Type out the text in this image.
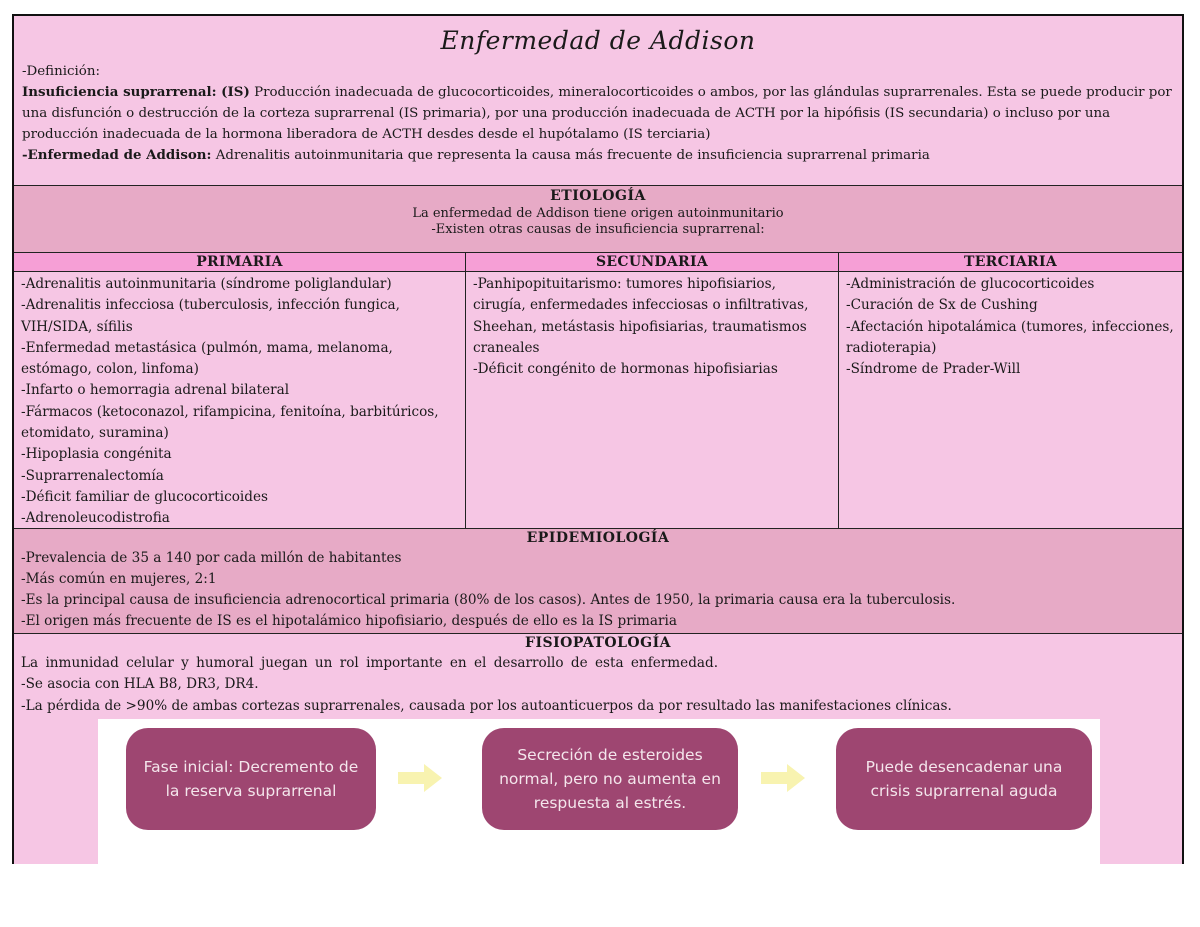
Enfermedad de Addison

-Definición:

Insuficiencia suprarrenal: (IS) Producción inadecuada de glucocorticoides, mineralocorticoides o ambos, por las glándulas suprarrenales. Esta se puede producir por una disfunción o destrucción de la corteza suprarrenal (IS primaria), por una producción inadecuada de ACTH por la hipófisis (IS secundaria) o incluso por una producción inadecuada de la hormona liberadora de ACTH desdes desde el hupótalamo (IS terciaria)

-Enfermedad de Addison: Adrenalitis autoinmunitaria que representa la causa más frecuente de insuficiencia suprarrenal primaria

ETIOLOGÍA
La enfermedad de Addison tiene origen autoinmunitario
-Existen otras causas de insuficiencia suprarrenal:
PRIMARIA
-Adrenalitis autoinmunitaria (síndrome poliglandular)
-Adrenalitis infecciosa (tuberculosis, infección fungica, VIH/SIDA, sífilis
-Enfermedad metastásica (pulmón, mama, melanoma, estómago, colon, linfoma)
-Infarto o hemorragia adrenal bilateral
-Fármacos (ketoconazol, rifampicina, fenitoína, barbitúricos, etomidato, suramina)
-Hipoplasia congénita
-Suprarrenalectomía
-Déficit familiar de glucocorticoides
-Adrenoleucodistrofia
SECUNDARIA
-Panhipopituitarismo: tumores hipofisiarios, cirugía, enfermedades infecciosas o infiltrativas, Sheehan, metástasis hipofisiarias, traumatismos craneales
-Déficit congénito de hormonas hipofisiarias
TERCIARIA
-Administración de glucocorticoides
-Curación de Sx de Cushing
-Afectación hipotalámica (tumores, infecciones, radioterapia)
-Síndrome de Prader-Will
EPIDEMIOLOGÍA
-Prevalencia de 35 a 140 por cada millón de habitantes
-Más común en mujeres, 2:1
-Es la principal causa de insuficiencia adrenocortical primaria (80% de los casos). Antes de 1950, la primaria causa era la tuberculosis.
-El origen más frecuente de IS es el hipotalámico hipofisiario, después de ello es la IS primaria
FISIOPATOLOGÍA
La inmunidad celular y humoral juegan un rol importante en el desarrollo de esta enfermedad.
-Se asocia con HLA B8, DR3, DR4.
-La pérdida de >90% de ambas cortezas suprarrenales, causada por los autoanticuerpos da por resultado las manifestaciones clínicas.
Fase inicial: Decremento de la reserva suprarrenal
Secreción de esteroides normal, pero no aumenta en respuesta al estrés.
Puede desencadenar una crisis suprarrenal aguda
